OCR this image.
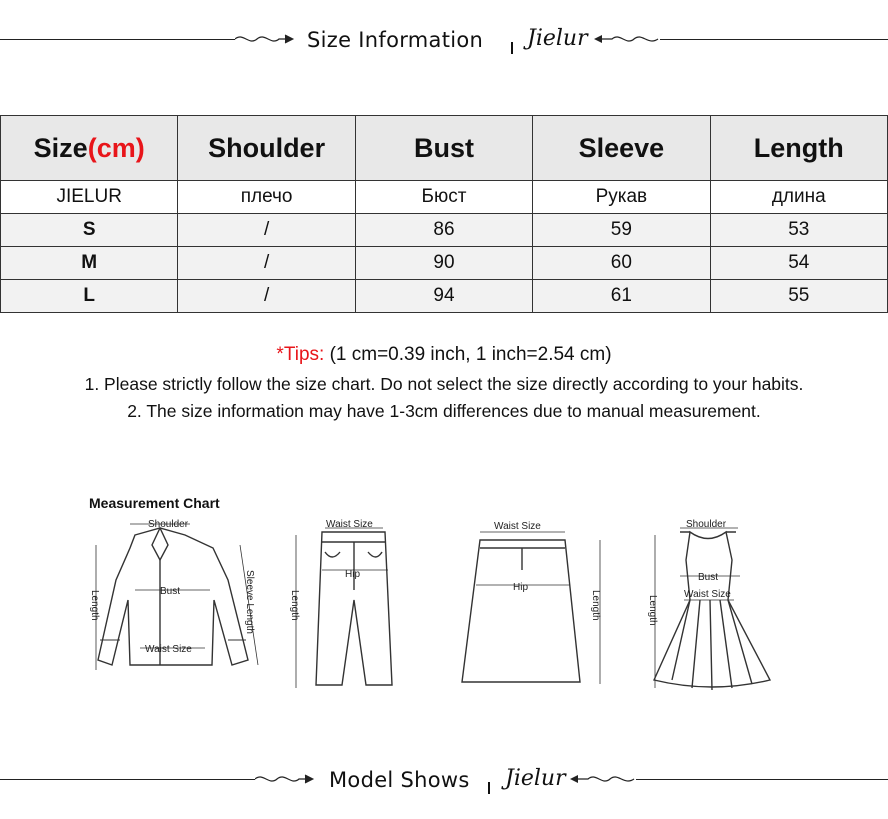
Size Information Jielur
Size(cm)	Shoulder	Bust	Sleeve	Length
JIELUR	плечо	Бюст	Рукав	длина
S	/	86	59	53
M	/	90	60	54
L	/	94	61	55
*Tips: (1 cm=0.39 inch, 1 inch=2.54 cm)
1. Please strictly follow the size chart. Do not select the size directly according to your habits.
2. The size information may have 1-3cm differences due to manual measurement.
Measurement Chart
Shoulder
Bust
Waist Size
Length	Sleeve Length
Waist Size
Hip
Length
Waist Size
Hip
Length
Shoulder
Bust
Waist Size
Length
Model Shows Jielur
